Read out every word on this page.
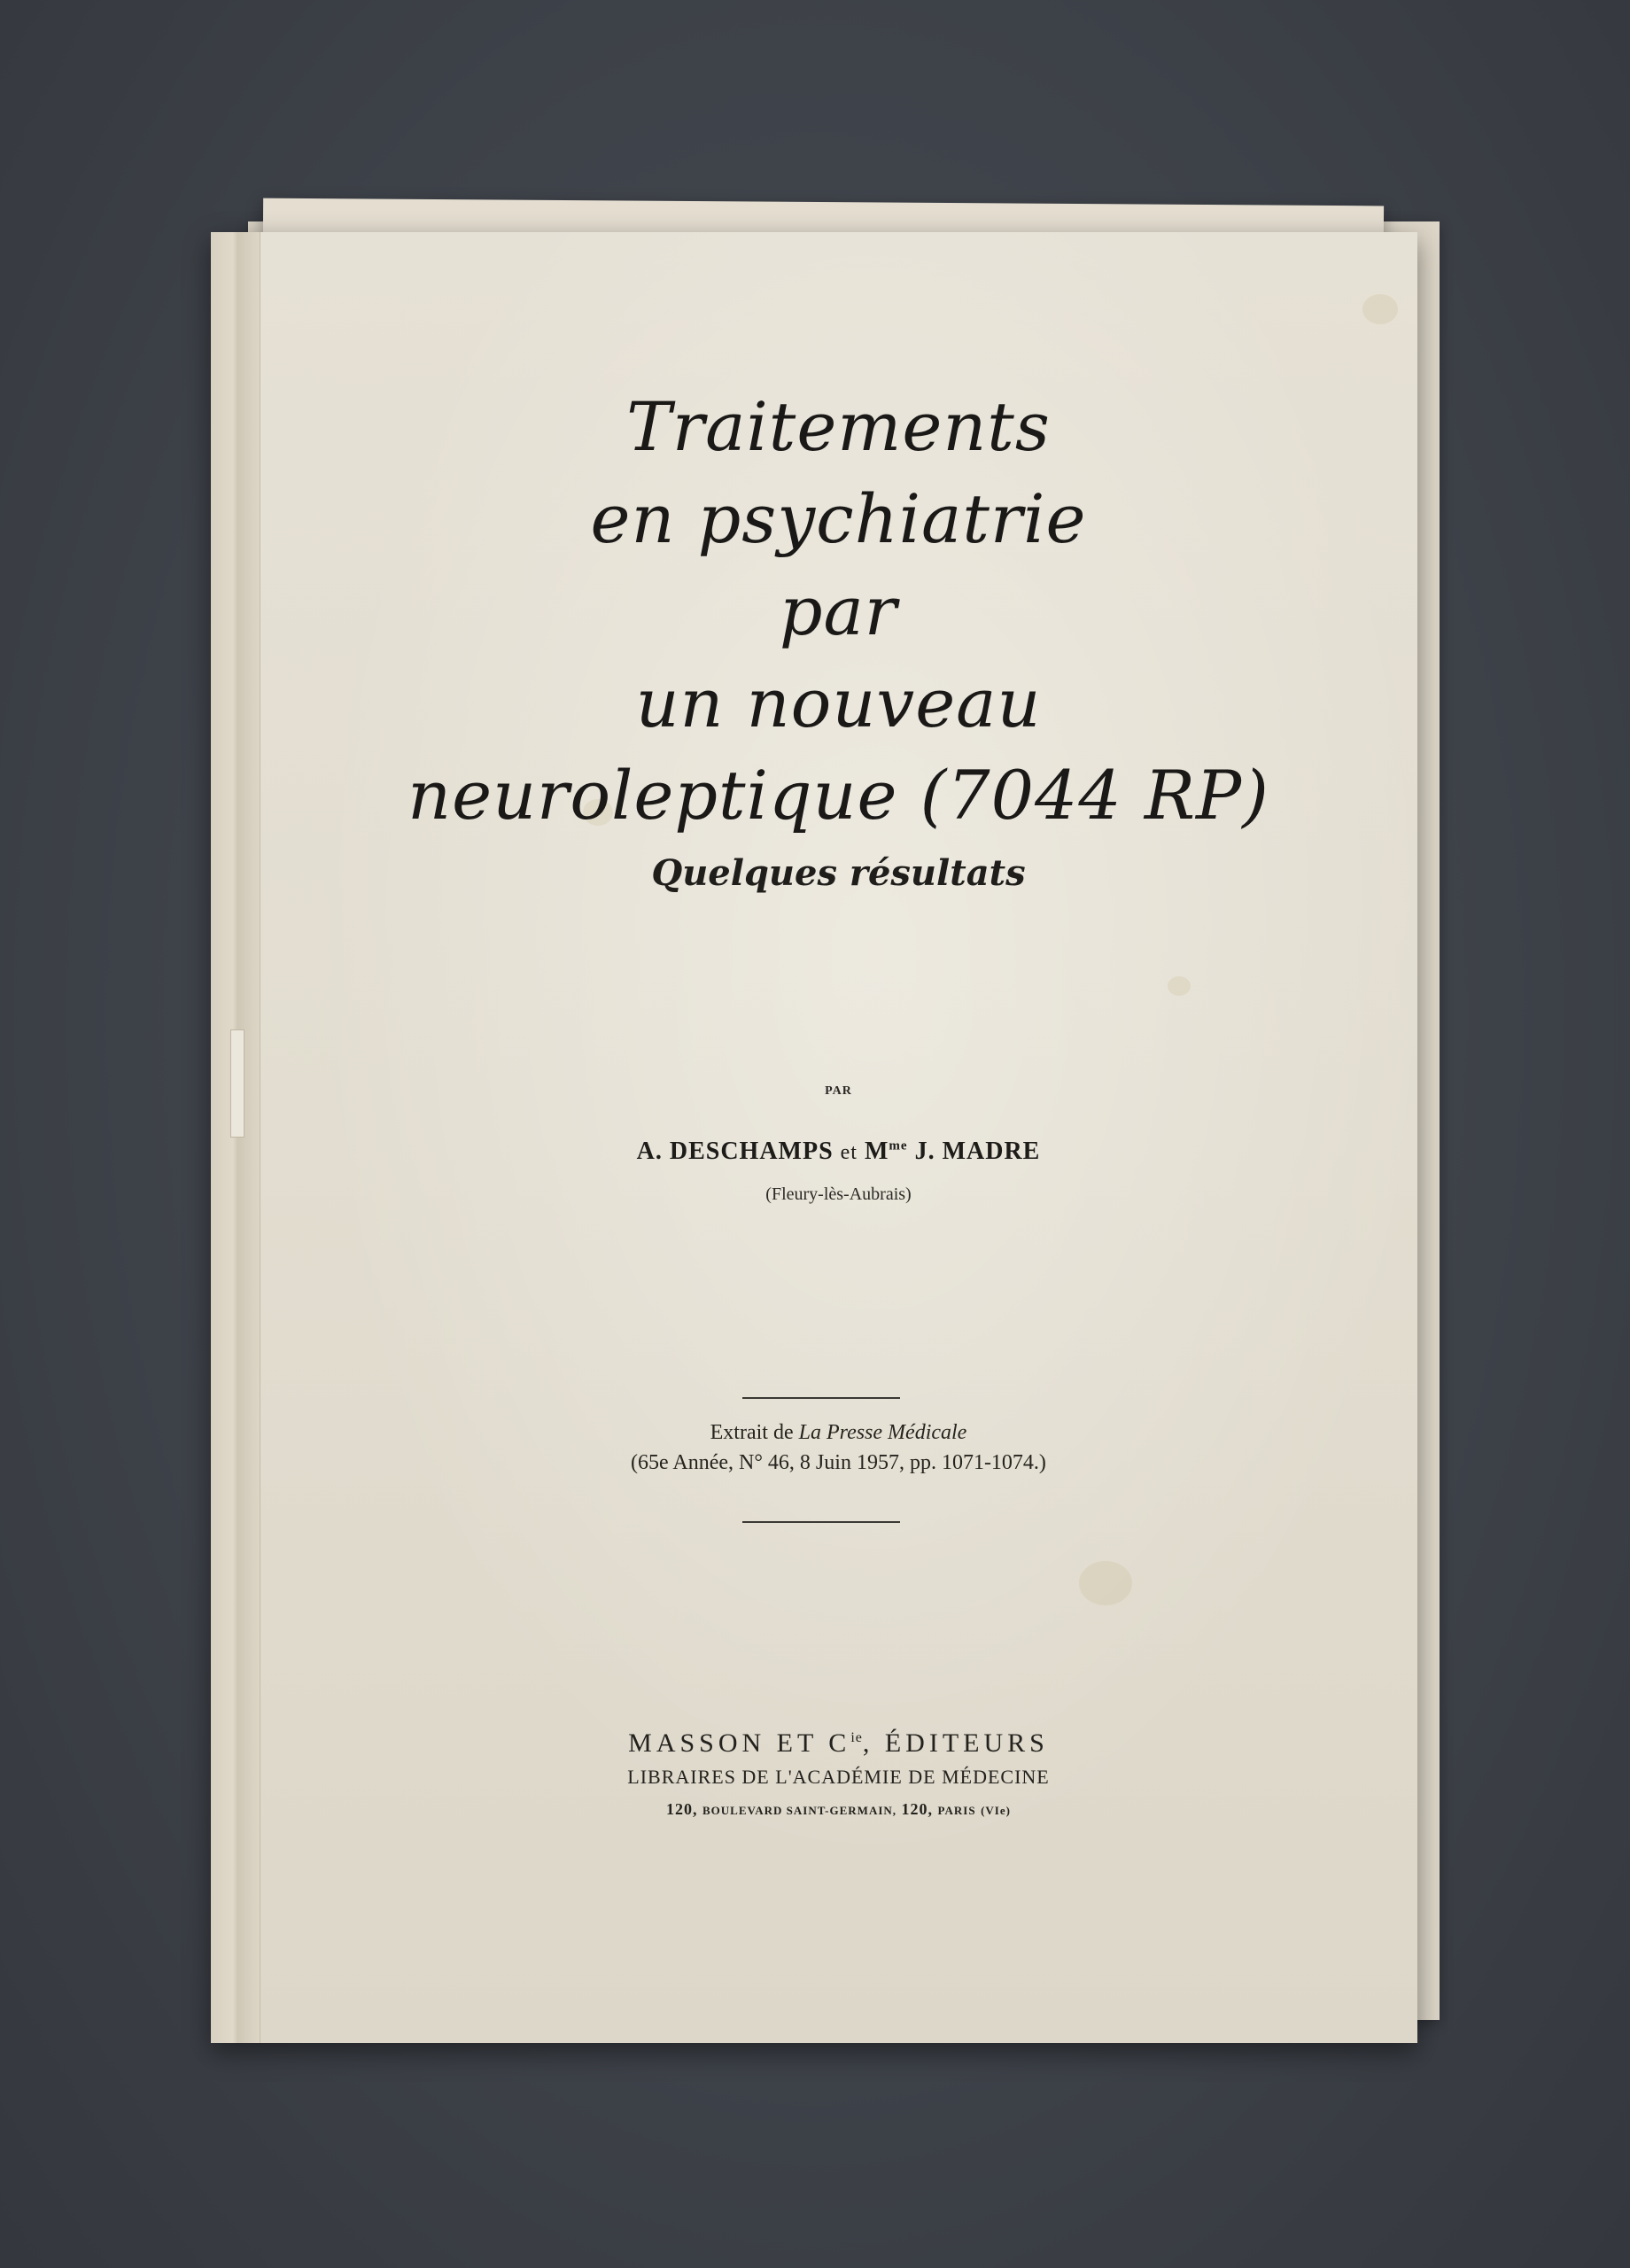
Traitements
en psychiatrie
par
un nouveau
neuroleptique (7044 RP)
Quelques résultats
PAR
A. DESCHAMPS et $M^{me}$ J. MADRE
(Fleury-lès-Aubrais)
Extrait de La Presse Médicale
(65e Année, N° 46, 8 Juin 1957, pp. 1071-1074.)
MASSON ET $C^{ie}$, ÉDITEURS
LIBRAIRES DE L'ACADÉMIE DE MÉDECINE
120, BOULEVARD SAINT-GERMAIN, 120, PARIS (VIe)
